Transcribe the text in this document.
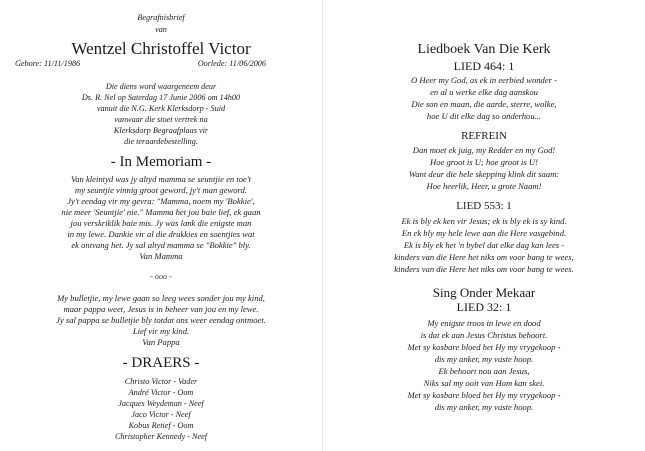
Begrafnisbrief
van
Wentzel Christoffel Victor
Gebore: 11/11/1986	Oorlede: 11/06/2006
Die diens word waargeneem deur
Ds. R. Nel op Saterdag 17 Junie 2006 om 14h00
vanuit die N.G. Kerk Klerksdorp - Suid
vanwaar die stoet vertrek na
Klerksdorp Begraafplaas vir
die teraardebestelling.
- In Memoriam -
Van kleintyd was jy altyd mamma se seuntjie en toe't
my seuntjie vinnig groot geword, jy't man geword.
Jy't eendag vir my gevra: "Mamma, noem my 'Bokkie',
nie meer 'Seuntjie' nie." Mamma het jou baie lief, ek gaan
jou verskriklik baie mis. Jy was lank die enigste man
in my lewe. Dankie vir al die drukkies en soentjies wat
ek ontvang het. Jy sal altyd mamma se "Bokkie" bly.
Van Mamma
- ooo -
My bulletjie, my lewe gaan so leeg wees sonder jou my kind,
maar pappa weet, Jesus is in beheer van jou en my lewe.
Jy sal pappa se bulletjie bly totdat ons weer eendag ontmoet.
Lief vir my kind.
Van Pappa
- DRAERS -
Christo Victor - Vader
André Victor - Oom
Jacques Weydeman - Neef
Jaco Victor - Neef
Kobus Retief - Oom
Christopher Kennedy - Neef
Liedboek Van Die Kerk
LIED 464: 1
O Heer my God, as ek in eerbied wonder -
en al u werke elke dag aanskou
Die son en maan, die aarde, sterre, wolke,
hoe U dit elke dag so onderhou...
REFREIN
Dan moet ek juig, my Redder en my God!
Hoe groot is U; hoe groot is U!
Want deur die hele skepping klink dit saam:
Hoe heerlik, Heer, u grote Naam!
LIED 553: 1
Ek is bly ek ken vir Jesus; ek is bly ek is sy kind.
En ek bly my hele lewe aan die Here vasgebind.
Ek is bly ek het 'n bybel dat elke dag kan lees -
kinders van die Here het niks om voor bang te wees,
kinders van die Here het niks om voor bang te wees.
Sing Onder Mekaar
LIED 32: 1
My enigste troos in lewe en dood
is dat ek aan Jesus Christus behoort.
Met sy kosbare bloed het Hy my vrygekoop -
dis my anker, my vaste hoop.
Ek behoort nou aan Jesus,
Niks sal my ooit van Hom kan skei.
Met sy kosbare bloed het Hy my vrygekoop -
dis my anker, my vaste hoop.
